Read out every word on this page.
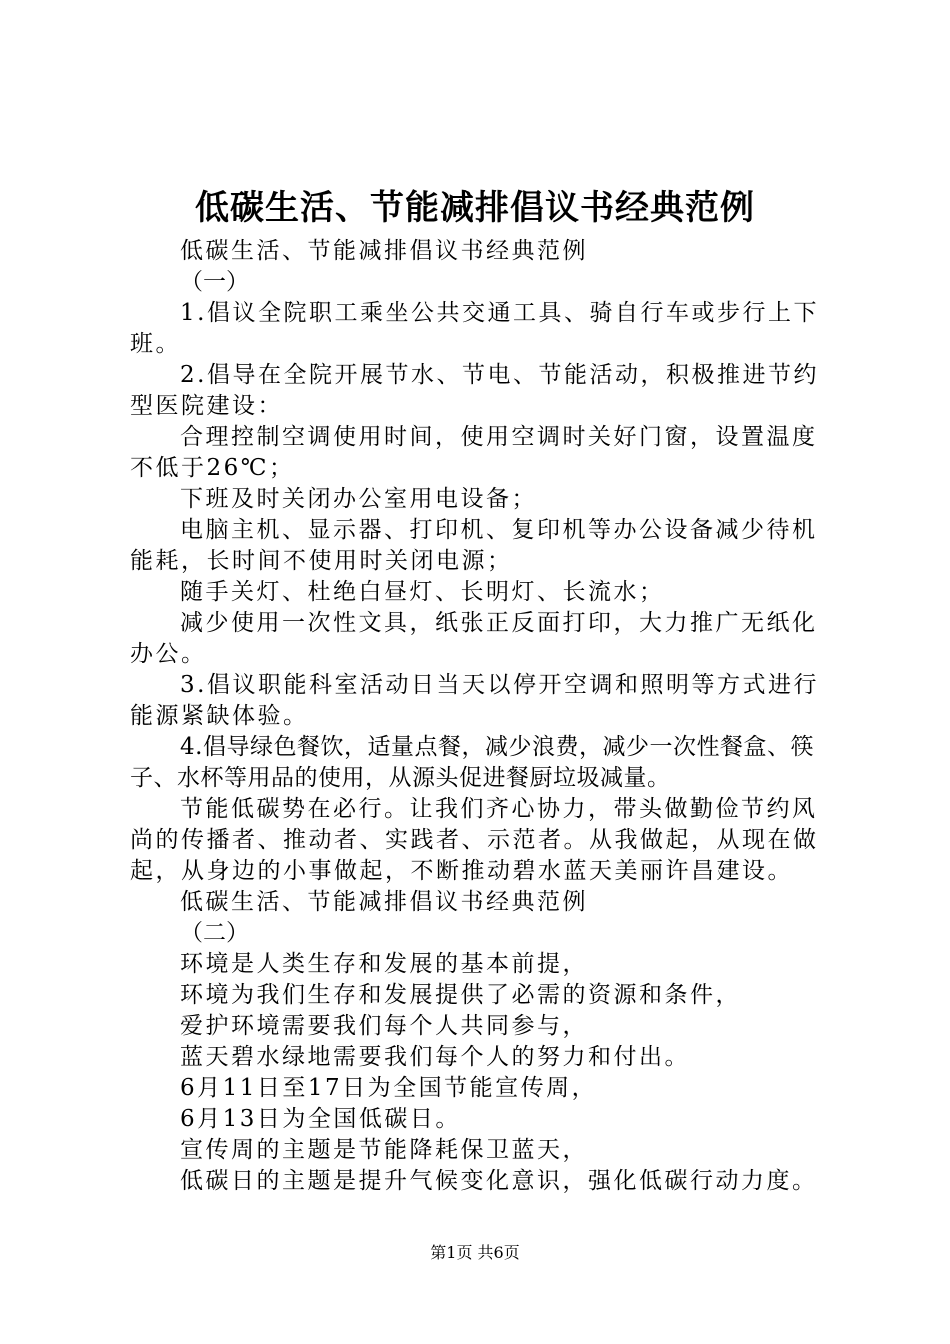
低碳生活、节能减排倡议书经典范例

低碳生活、节能减排倡议书经典范例

（一）

1.倡议全院职工乘坐公共交通工具、骑自行车或步行上下班。

2.倡导在全院开展节水、节电、节能活动，积极推进节约型医院建设：

合理控制空调使用时间，使用空调时关好门窗，设置温度不低于26℃；

下班及时关闭办公室用电设备；

电脑主机、显示器、打印机、复印机等办公设备减少待机能耗，长时间不使用时关闭电源；

随手关灯、杜绝白昼灯、长明灯、长流水；

减少使用一次性文具，纸张正反面打印，大力推广无纸化办公。

3.倡议职能科室活动日当天以停开空调和照明等方式进行能源紧缺体验。

4.倡导绿色餐饮，适量点餐，减少浪费，减少一次性餐盒、筷子、水杯等用品的使用，从源头促进餐厨垃圾减量。

节能低碳势在必行。让我们齐心协力，带头做勤俭节约风尚的传播者、推动者、实践者、示范者。从我做起，从现在做起，从身边的小事做起，不断推动碧水蓝天美丽许昌建设。

低碳生活、节能减排倡议书经典范例

（二）

环境是人类生存和发展的基本前提，

环境为我们生存和发展提供了必需的资源和条件，

爱护环境需要我们每个人共同参与，

蓝天碧水绿地需要我们每个人的努力和付出。

6月11日至17日为全国节能宣传周，

6月13日为全国低碳日。

宣传周的主题是节能降耗保卫蓝天，

低碳日的主题是提升气候变化意识，强化低碳行动力度。

第1页 共6页
